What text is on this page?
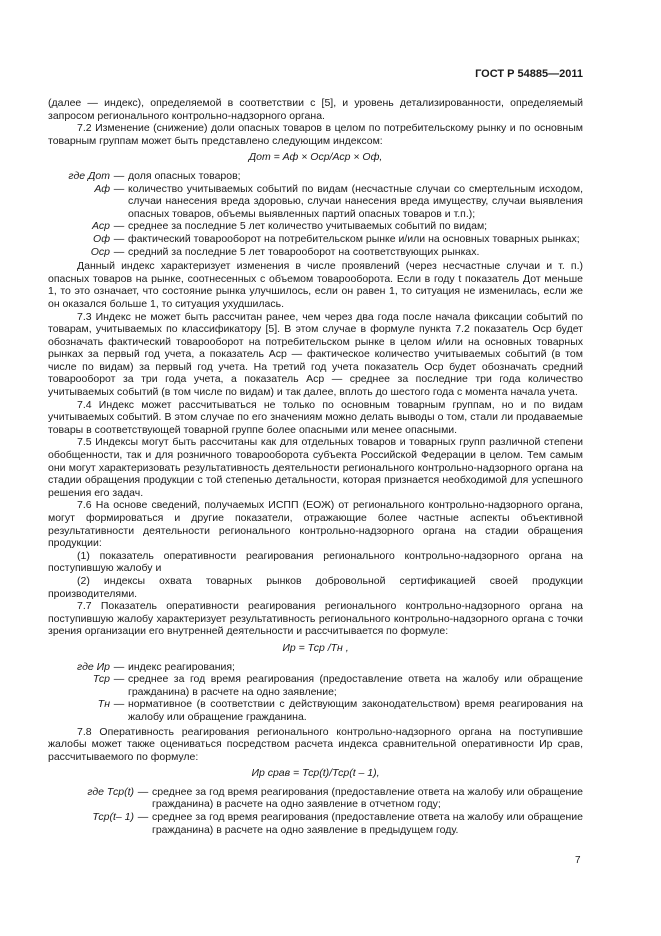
ГОСТ Р 54885—2011

(далее — индекс), определяемой в соответствии с [5], и уровень детализированности, определяемый запросом регионального контрольно-надзорного органа.

7.2 Изменение (снижение) доли опасных товаров в целом по потребительскому рынку и по основным товарным группам может быть представлено следующим индексом:

Дот = Аф × Оср/Аср × Оф,
где Дот — доля опасных товаров;
Аф — количество учитываемых событий по видам (несчастные случаи со смертельным исходом, случаи нанесения вреда здоровью, случаи нанесения вреда имуществу, случаи выявления опасных товаров, объемы выявленных партий опасных товаров и т.п.);
Аср — среднее за последние 5 лет количество учитываемых событий по видам;
Оф — фактический товарооборот на потребительском рынке и/или на основных товарных рынках;
Оср — средний за последние 5 лет товарооборот на соответствующих рынках.

Данный индекс характеризует изменения в числе проявлений (через несчастные случаи и т. п.) опасных товаров на рынке, соотнесенных с объемом товарооборота. Если в году t показатель Дот меньше 1, то это означает, что состояние рынка улучшилось, если он равен 1, то ситуация не изменилась, если же он оказался больше 1, то ситуация ухудшилась.

7.3 Индекс не может быть рассчитан ранее, чем через два года после начала фиксации событий по товарам, учитываемых по классификатору [5]. В этом случае в формуле пункта 7.2 показатель Оср будет обозначать фактический товарооборот на потребительском рынке в целом и/или на основных товарных рынках за первый год учета, а показатель Аср — фактическое количество учитываемых событий (в том числе по видам) за первый год учета. На третий год учета показатель Оср будет обозначать средний товарооборот за три года учета, а показатель Аср — среднее за последние три года количество учитываемых событий (в том числе по видам) и так далее, вплоть до шестого года с момента начала учета.

7.4 Индекс может рассчитываться не только по основным товарным группам, но и по видам учитываемых событий. В этом случае по его значениям можно делать выводы о том, стали ли продаваемые товары в соответствующей товарной группе более опасными или менее опасными.

7.5 Индексы могут быть рассчитаны как для отдельных товаров и товарных групп различной степени обобщенности, так и для розничного товарооборота субъекта Российской Федерации в целом. Тем самым они могут характеризовать результативность деятельности регионального контрольно-надзорного органа на стадии обращения продукции с той степенью детальности, которая признается необходимой для успешного решения его задач.

7.6 На основе сведений, получаемых ИСПП (ЕОЖ) от регионального контрольно-надзорного органа, могут формироваться и другие показатели, отражающие более частные аспекты объективной результативности деятельности регионального контрольно-надзорного органа на стадии обращения продукции:

(1) показатель оперативности реагирования регионального контрольно-надзорного органа на поступившую жалобу и

(2) индексы охвата товарных рынков добровольной сертификацией своей продукции производителями.

7.7 Показатель оперативности реагирования регионального контрольно-надзорного органа на поступившую жалобу характеризует результативность регионального контрольно-надзорного органа с точки зрения организации его внутренней деятельности и рассчитывается по формуле:

Ир = Тср /Тн ,
где Ир — индекс реагирования;
Тср — среднее за год время реагирования (предоставление ответа на жалобу или обращение гражданина) в расчете на одно заявление;
Тн — нормативное (в соответствии с действующим законодательством) время реагирования на жалобу или обращение гражданина.

7.8 Оперативность реагирования регионального контрольно-надзорного органа на поступившие жалобы может также оцениваться посредством расчета индекса сравнительной оперативности Ир срав, рассчитываемого по формуле:

Ир срав = Тср(t)/Тср(t – 1),
где Тср(t) — среднее за год время реагирования (предоставление ответа на жалобу или обращение гражданина) в расчете на одно заявление в отчетном году;
Тср(t– 1) — среднее за год время реагирования (предоставление ответа на жалобу или обращение гражданина) в расчете на одно заявление в предыдущем году.
7
